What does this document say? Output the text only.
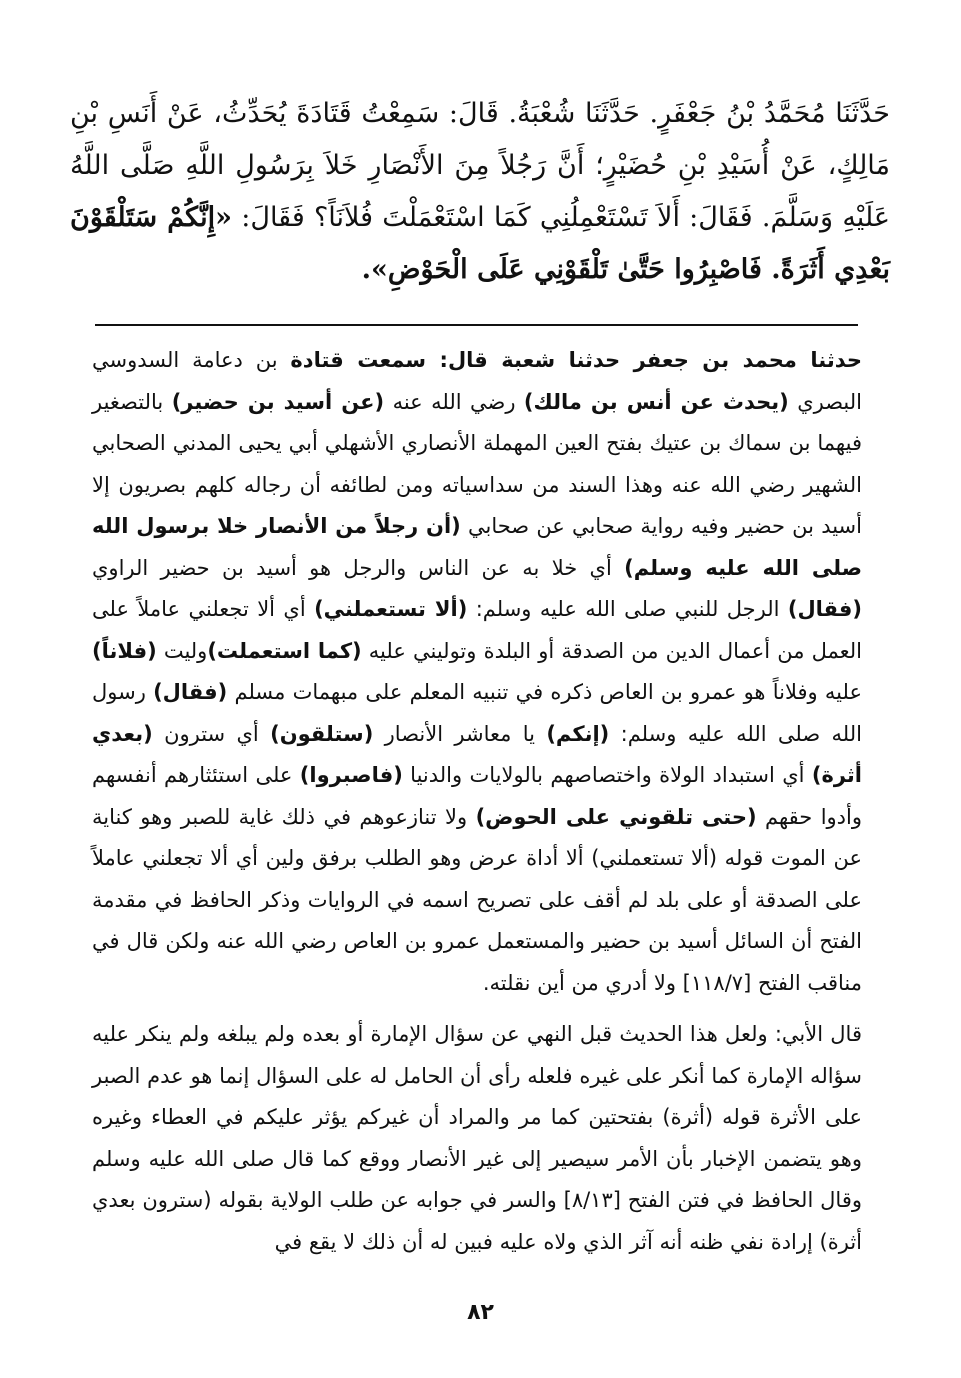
حَدَّثَنَا مُحَمَّدُ بْنُ جَعْفَرٍ. حَدَّثَنَا شُعْبَةُ. قَالَ: سَمِعْتُ قَتَادَةَ يُحَدِّثُ، عَنْ أَنَسِ بْنِ مَالِكٍ، عَنْ أُسَيْدِ بْنِ حُضَيْرٍ؛ أَنَّ رَجُلاً مِنَ الأَنْصَارِ خَلاَ بِرَسُولِ اللَّهِ صَلَّى اللَّهُ عَلَيْهِ وَسَلَّمَ. فَقَالَ: أَلاَ تَسْتَعْمِلُنِي كَمَا اسْتَعْمَلْتَ فُلاَنَاً؟ فَقَالَ: «إِنَّكُمْ سَتَلْقَوْنَ بَعْدِي أَثَرَةً. فَاصْبِرُوا حَتَّىٰ تَلْقَوْنِي عَلَى الْحَوْضِ».

حدثنا محمد بن جعفر حدثنا شعبة قال: سمعت قتادة بن دعامة السدوسي البصري (يحدث عن أنس بن مالك) رضي الله عنه (عن أسيد بن حضير) بالتصغير فيهما بن سماك بن عتيك بفتح العين المهملة الأنصاري الأشهلي أبي يحيى المدني الصحابي الشهير رضي الله عنه وهذا السند من سداسياته ومن لطائفه أن رجاله كلهم بصريون إلا أسيد بن حضير وفيه رواية صحابي عن صحابي (أن رجلاً من الأنصار خلا برسول الله صلى الله عليه وسلم) أي خلا به عن الناس والرجل هو أسيد بن حضير الراوي (فقال) الرجل للنبي صلى الله عليه وسلم: (ألا تستعملني) أي ألا تجعلني عاملاً على العمل من أعمال الدين من الصدقة أو البلدة وتوليني عليه (كما استعملت)وليت (فلاناً) عليه وفلاناً هو عمرو بن العاص ذكره في تنبيه المعلم على مبهمات مسلم (فقال) رسول الله صلى الله عليه وسلم: (إنكم) يا معاشر الأنصار (ستلقون) أي سترون (بعدي أثرة) أي استبداد الولاة واختصاصهم بالولايات والدنيا (فاصبروا) على استئثارهم أنفسهم وأدوا حقهم (حتى تلقوني على الحوض) ولا تنازعوهم في ذلك غاية للصبر وهو كناية عن الموت قوله (ألا تستعملني) ألا أداة عرض وهو الطلب برفق ولين أي ألا تجعلني عاملاً على الصدقة أو على بلد لم أقف على تصريح اسمه في الروايات وذكر الحافظ في مقدمة الفتح أن السائل أسيد بن حضير والمستعمل عمرو بن العاص رضي الله عنه ولكن قال في مناقب الفتح [١١٨/٧] ولا أدري من أين نقلته.

قال الأبي: ولعل هذا الحديث قبل النهي عن سؤال الإمارة أو بعده ولم يبلغه ولم ينكر عليه سؤاله الإمارة كما أنكر على غيره فلعله رأى أن الحامل له على السؤال إنما هو عدم الصبر على الأثرة قوله (أثرة) بفتحتين كما مر والمراد أن غيركم يؤثر عليكم في العطاء وغيره وهو يتضمن الإخبار بأن الأمر سيصير إلى غير الأنصار ووقع كما قال صلى الله عليه وسلم وقال الحافظ في فتن الفتح [٨/١٣] والسر في جوابه عن طلب الولاية بقوله (سترون بعدي أثرة) إرادة نفي ظنه أنه آثر الذي ولاه عليه فبين له أن ذلك لا يقع في

٨٢
